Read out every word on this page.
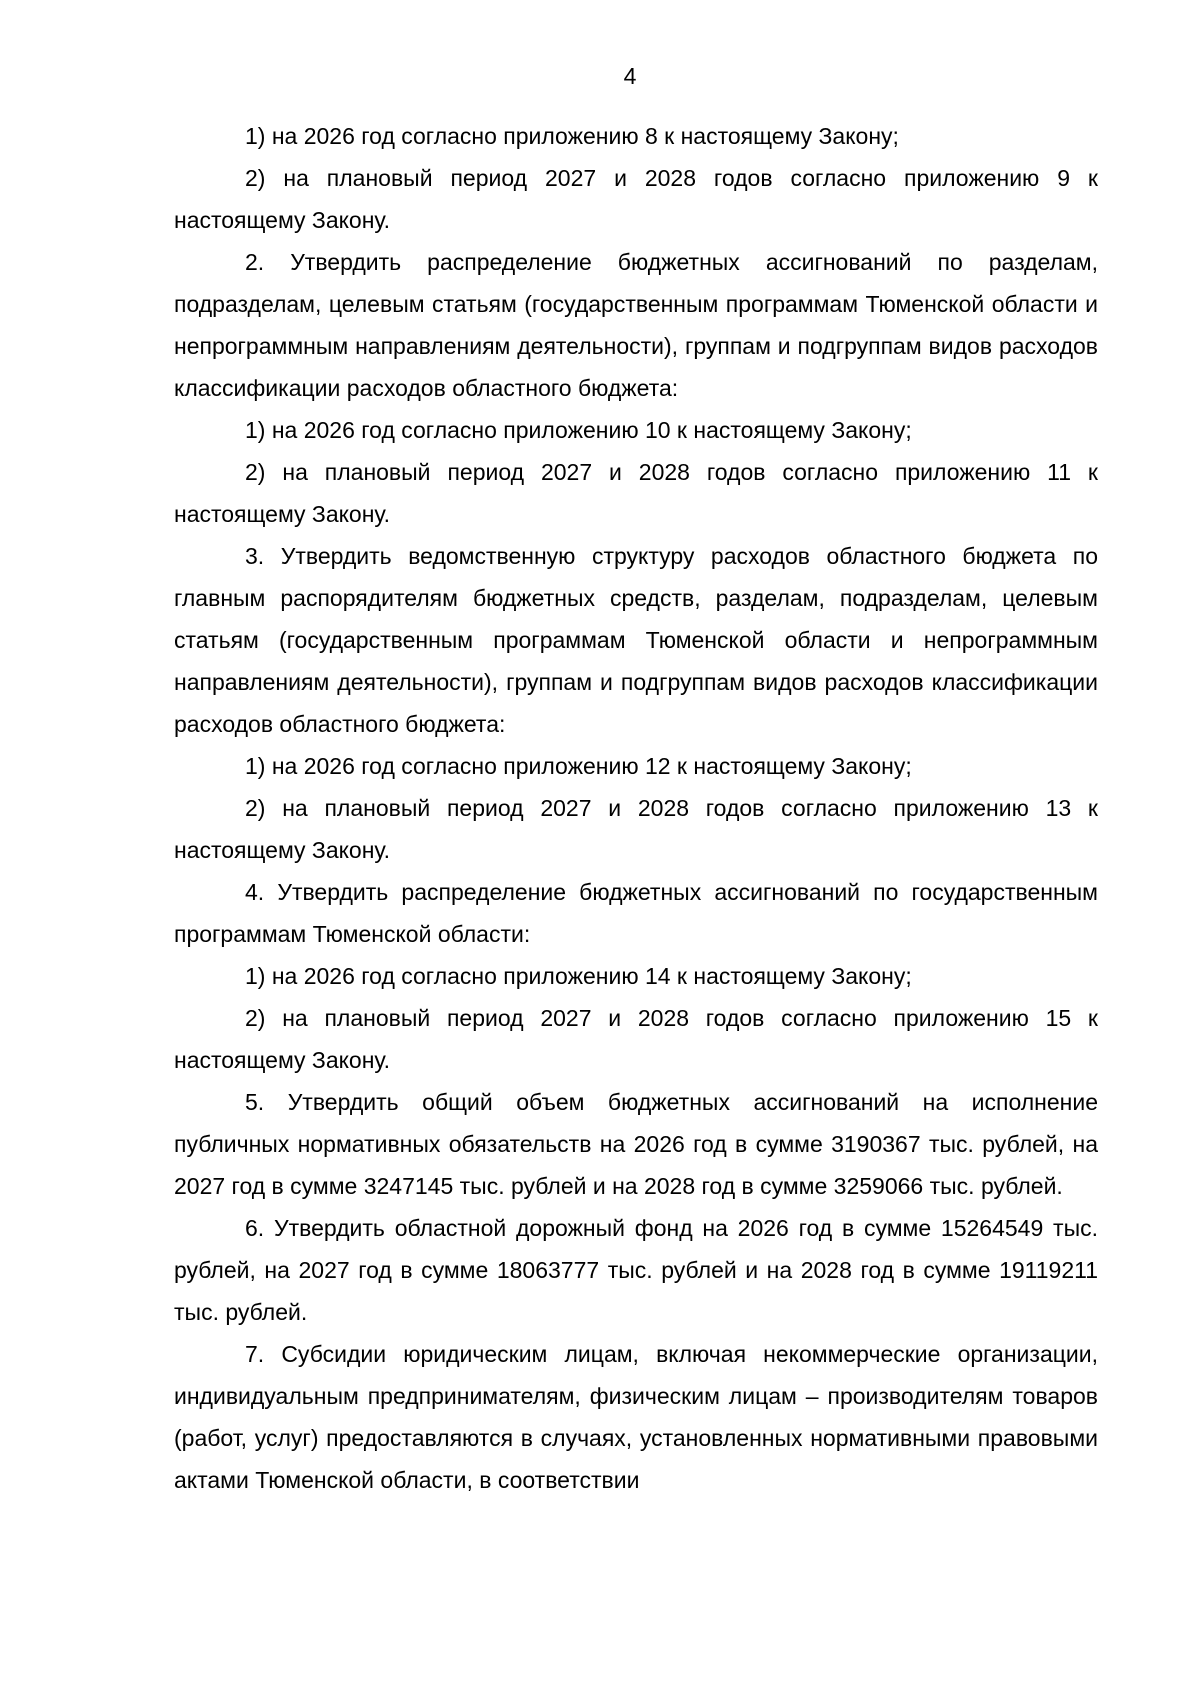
4

1) на 2026 год согласно приложению 8 к настоящему Закону;

2) на плановый период 2027 и 2028 годов согласно приложению 9 к настоящему Закону.

2. Утвердить распределение бюджетных ассигнований по разделам, подразделам, целевым статьям (государственным программам Тюменской области и непрограммным направлениям деятельности), группам и подгруппам видов расходов классификации расходов областного бюджета:

1) на 2026 год согласно приложению 10 к настоящему Закону;

2) на плановый период 2027 и 2028 годов согласно приложению 11 к настоящему Закону.

3. Утвердить ведомственную структуру расходов областного бюджета по главным распорядителям бюджетных средств, разделам, подразделам, целевым статьям (государственным программам Тюменской области и непрограммным направлениям деятельности), группам и подгруппам видов расходов классификации расходов областного бюджета:

1) на 2026 год согласно приложению 12 к настоящему Закону;

2) на плановый период 2027 и 2028 годов согласно приложению 13 к настоящему Закону.

4. Утвердить распределение бюджетных ассигнований по государственным программам Тюменской области:

1) на 2026 год согласно приложению 14 к настоящему Закону;

2) на плановый период 2027 и 2028 годов согласно приложению 15 к настоящему Закону.

5. Утвердить общий объем бюджетных ассигнований на исполнение публичных нормативных обязательств на 2026 год в сумме 3190367 тыс. рублей, на 2027 год в сумме 3247145 тыс. рублей и на 2028 год в сумме 3259066 тыс. рублей.

6. Утвердить областной дорожный фонд на 2026 год в сумме 15264549 тыс. рублей, на 2027 год в сумме 18063777 тыс. рублей и на 2028 год в сумме 19119211 тыс. рублей.

7. Субсидии юридическим лицам, включая некоммерческие организации, индивидуальным предпринимателям, физическим лицам – производителям товаров (работ, услуг) предоставляются в случаях, установленных нормативными правовыми актами Тюменской области, в соответствии
